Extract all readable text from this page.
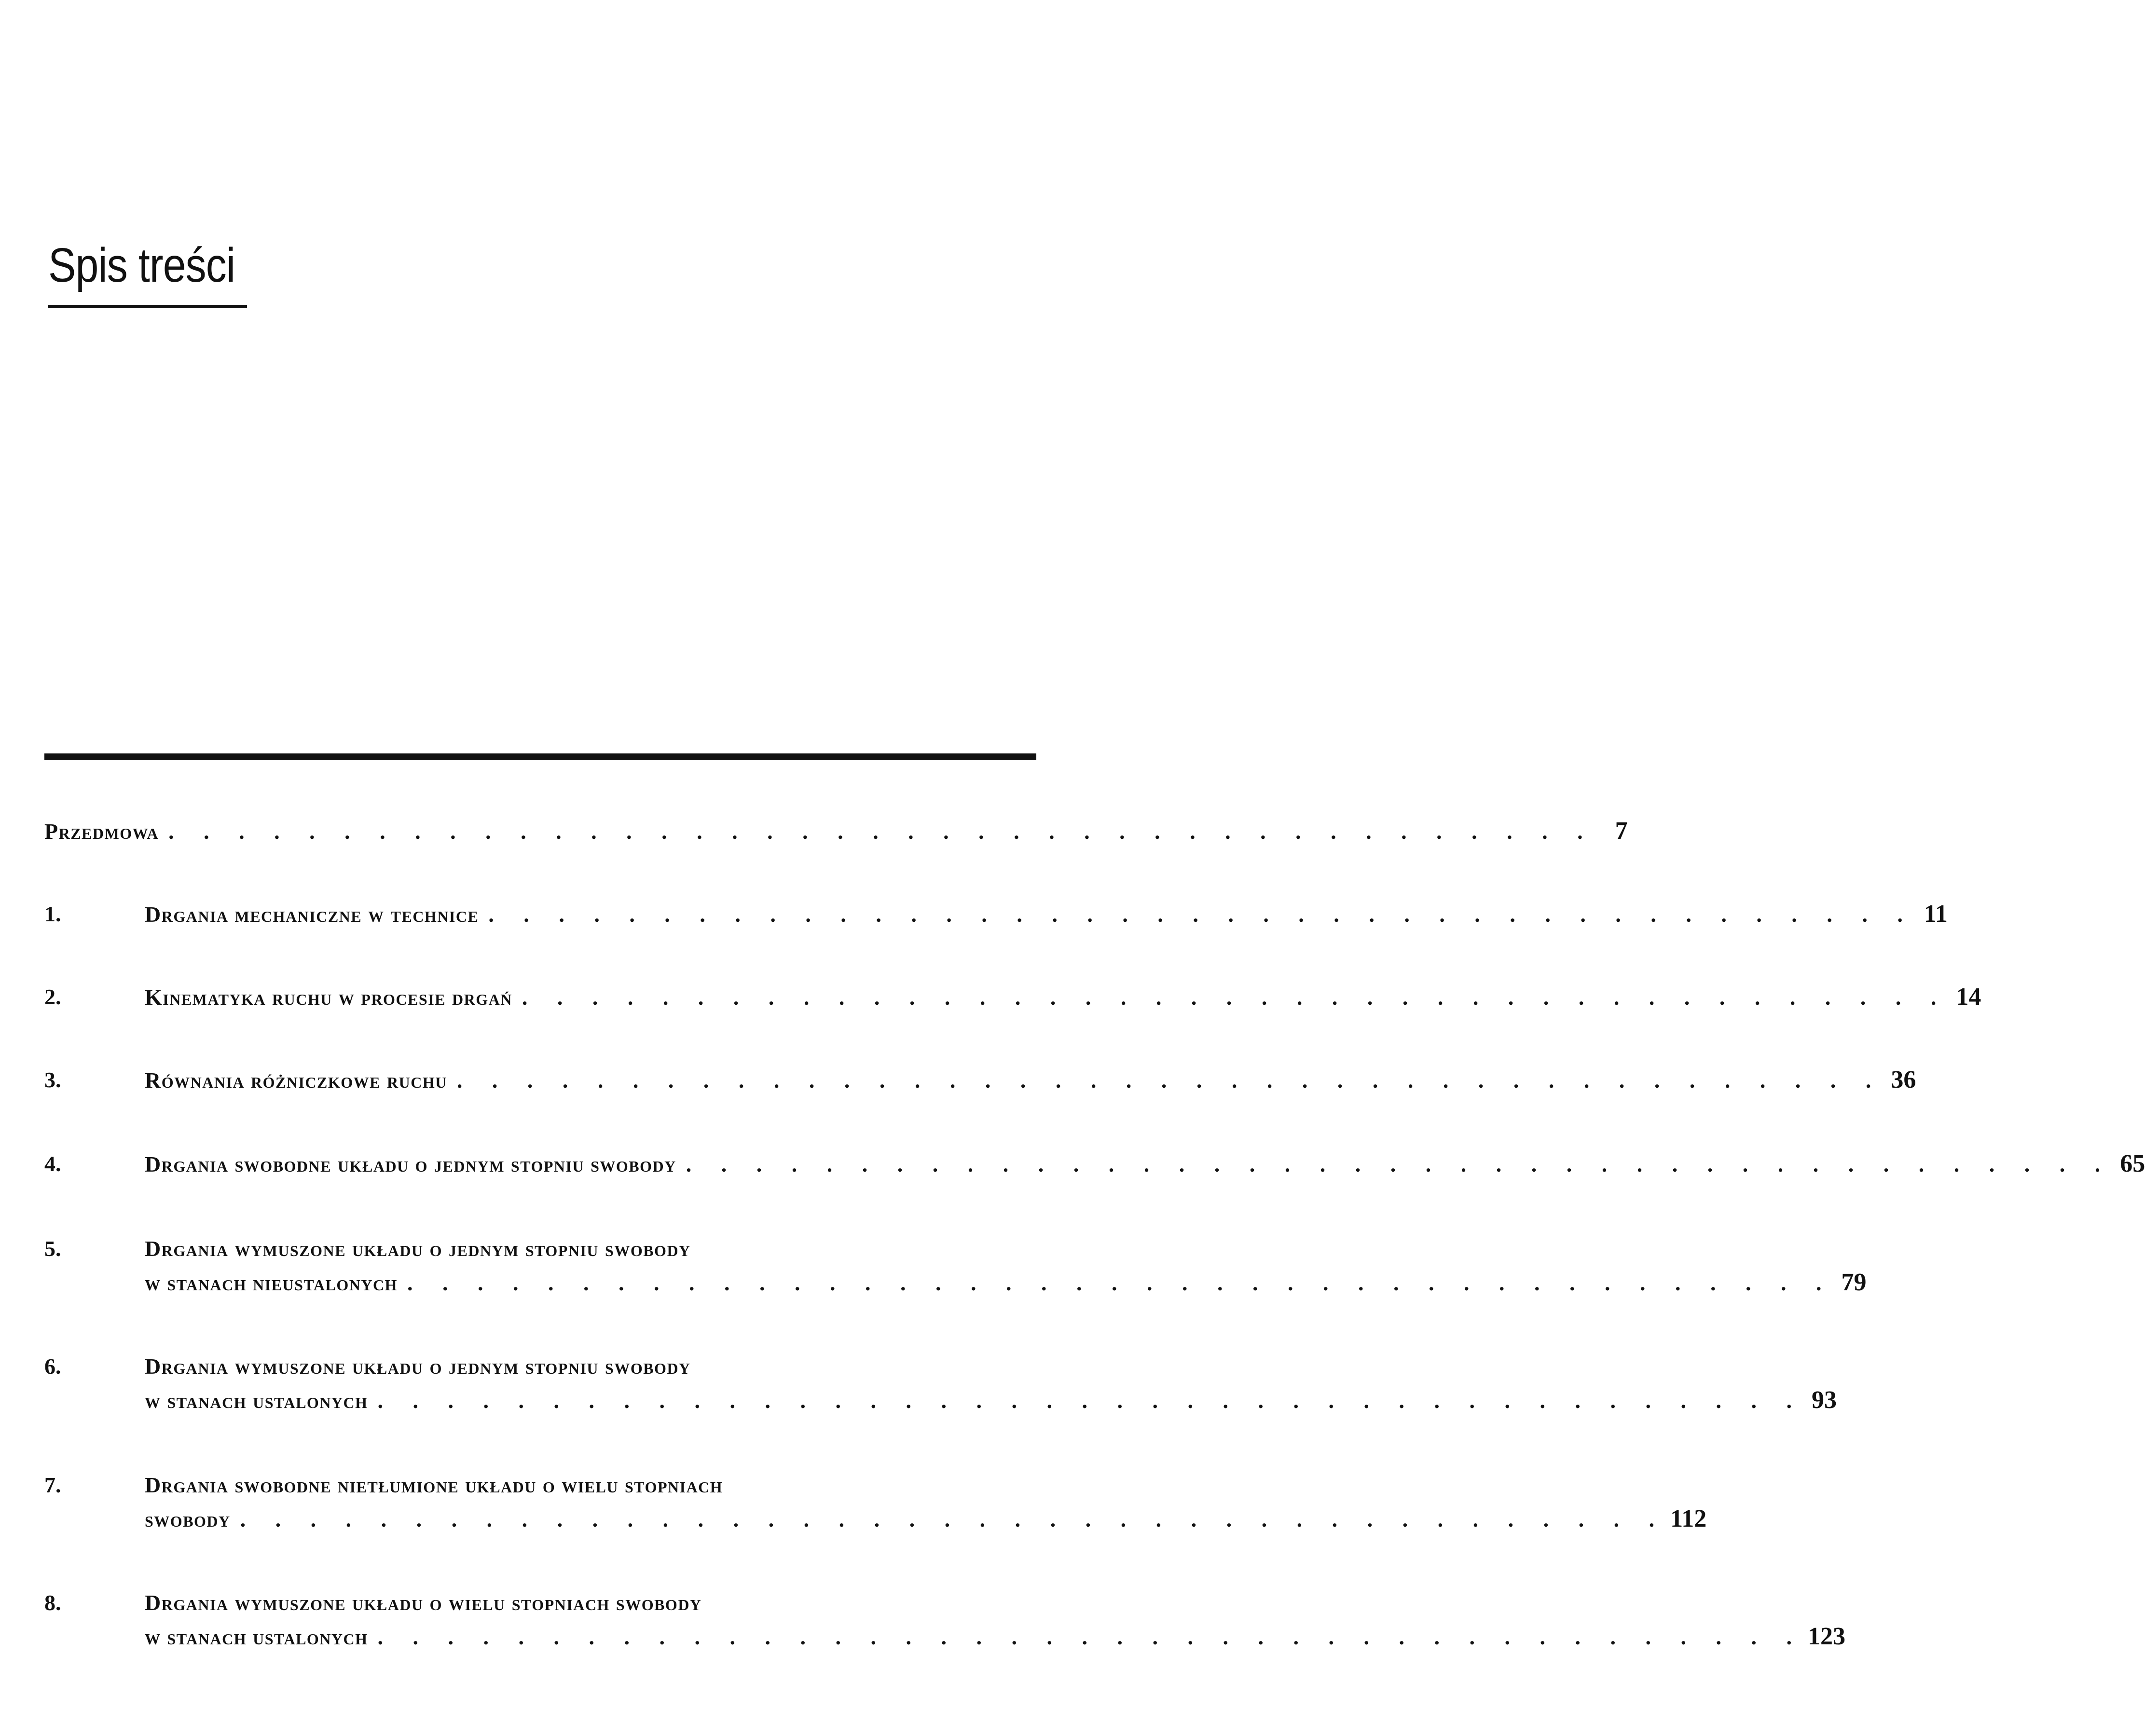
Spis treści
Przedmowa . . . . . . . . . . . . . . . . . . . . . . . . . . . . . . . . . . . . . . . . . 7
1.	Drgania mechaniczne w technice . . . . . . . . . . . . . . . . . . . . . . . . . . . . . . . . . . . . . . . . . 11
2.	Kinematyka ruchu w procesie drgań . . . . . . . . . . . . . . . . . . . . . . . . . . . . . . . . . . . . . . . . . 14
3.	Równania różniczkowe ruchu . . . . . . . . . . . . . . . . . . . . . . . . . . . . . . . . . . . . . . . . . 36
4.	Drgania swobodne układu o jednym stopniu swobody . . . . . . . . . . . . . . . . . . . . . . . . . . . . . . . . . . . . . . . . . 65
5.	Drgania wymuszone układu o jednym stopniu swobody
w stanach nieustalonych . . . . . . . . . . . . . . . . . . . . . . . . . . . . . . . . . . . . . . . . . 79
6.	Drgania wymuszone układu o jednym stopniu swobody
w stanach ustalonych . . . . . . . . . . . . . . . . . . . . . . . . . . . . . . . . . . . . . . . . . 93
7.	Drgania swobodne nietłumione układu o wielu stopniach
swobody . . . . . . . . . . . . . . . . . . . . . . . . . . . . . . . . . . . . . . . . . 112
8.	Drgania wymuszone układu o wielu stopniach swobody
w stanach ustalonych . . . . . . . . . . . . . . . . . . . . . . . . . . . . . . . . . . . . . . . . . 123
